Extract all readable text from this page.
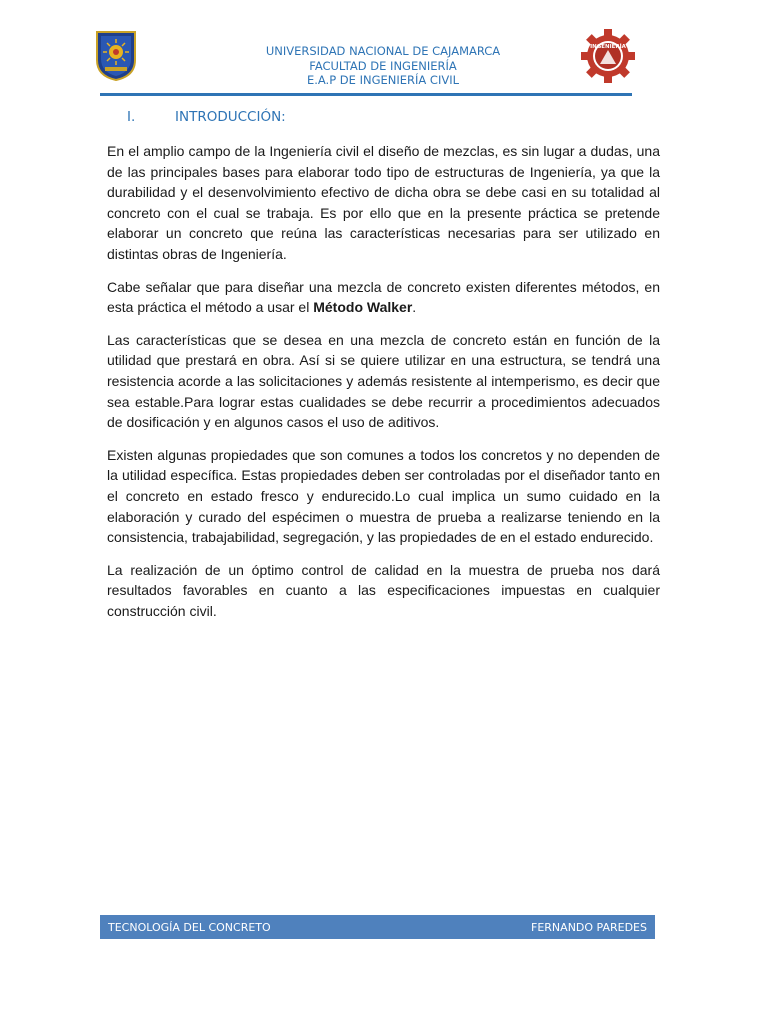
UNIVERSIDAD NACIONAL DE CAJAMARCA
FACULTAD DE INGENIERÍA
E.A.P DE INGENIERÍA CIVIL
INGENIERÍA
I.	INTRODUCCIÓN:

En el amplio campo de la Ingeniería civil el diseño de mezclas, es sin lugar a dudas, una de las principales bases para elaborar todo tipo de estructuras de Ingeniería, ya que la durabilidad y el desenvolvimiento efectivo de dicha obra se debe casi en su totalidad al concreto con el cual se trabaja. Es por ello que en la presente práctica se pretende elaborar un concreto que reúna las características necesarias para ser utilizado en distintas obras de Ingeniería.

Cabe señalar que para diseñar una mezcla de concreto existen diferentes métodos, en esta práctica el método a usar el Método Walker.

Las características que se desea en una mezcla de concreto están en función de la utilidad que prestará en obra. Así si se quiere utilizar en una estructura, se tendrá una resistencia acorde a las solicitaciones y además resistente al intemperismo, es decir que sea estable.Para lograr estas cualidades se debe recurrir a procedimientos adecuados de dosificación y en algunos casos el uso de aditivos.

Existen algunas propiedades que son comunes a todos los concretos y no dependen de la utilidad específica. Estas propiedades deben ser controladas por el diseñador tanto en el concreto en estado fresco y endurecido.Lo cual implica un sumo cuidado en la elaboración y curado del espécimen o muestra de prueba a realizarse teniendo en la consistencia, trabajabilidad, segregación, y las propiedades de en el estado endurecido.

La realización de un óptimo control de calidad en la muestra de prueba nos dará resultados favorables en cuanto a las especificaciones impuestas en cualquier construcción civil.

TECNOLOGÍA DEL CONCRETO	FERNANDO PAREDES
